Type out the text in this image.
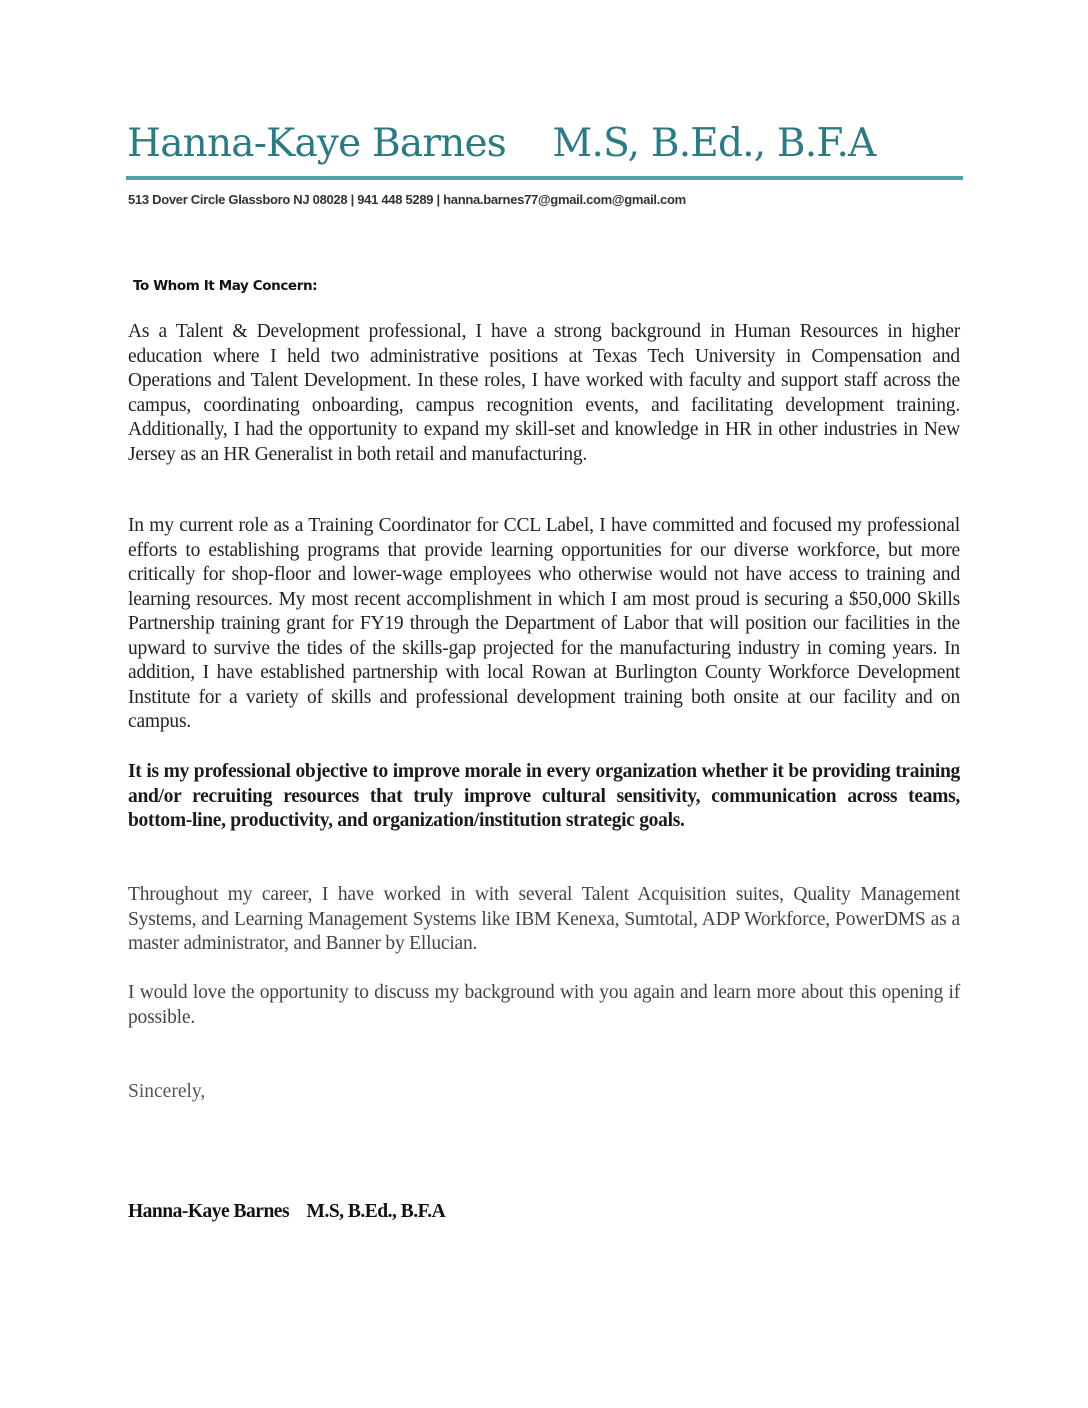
Hanna-Kaye Barnes    M.S, B.Ed., B.F.A
513 Dover Circle Glassboro NJ 08028 | 941 448 5289 | hanna.barnes77@gmail.com@gmail.com
To Whom It May Concern:

As a Talent & Development professional, I have a strong background in Human Resources in higher education where I held two administrative positions at Texas Tech University in Compensation and Operations and Talent Development. In these roles, I have worked with faculty and support staff across the campus, coordinating onboarding, campus recognition events, and facilitating development training. Additionally, I had the opportunity to expand my skill-set and knowledge in HR in other industries in New Jersey as an HR Generalist in both retail and manufacturing.

In my current role as a Training Coordinator for CCL Label, I have committed and focused my professional efforts to establishing programs that provide learning opportunities for our diverse workforce, but more critically for shop-floor and lower-wage employees who otherwise would not have access to training and learning resources. My most recent accomplishment in which I am most proud is securing a $50,000 Skills Partnership training grant for FY19 through the Department of Labor that will position our facilities in the upward to survive the tides of the skills-gap projected for the manufacturing industry in coming years. In addition, I have established partnership with local Rowan at Burlington County Workforce Development Institute for a variety of skills and professional development training both onsite at our facility and on campus.

It is my professional objective to improve morale in every organization whether it be providing training and/or recruiting resources that truly improve cultural sensitivity, communication across teams, bottom-line, productivity, and organization/institution strategic goals.

Throughout my career, I have worked in with several Talent Acquisition suites, Quality Management Systems, and Learning Management Systems like IBM Kenexa, Sumtotal, ADP Workforce, PowerDMS as a master administrator, and Banner by Ellucian.

I would love the opportunity to discuss my background with you again and learn more about this opening if possible.

Sincerely,
Hanna-Kaye Barnes    M.S, B.Ed., B.F.A
